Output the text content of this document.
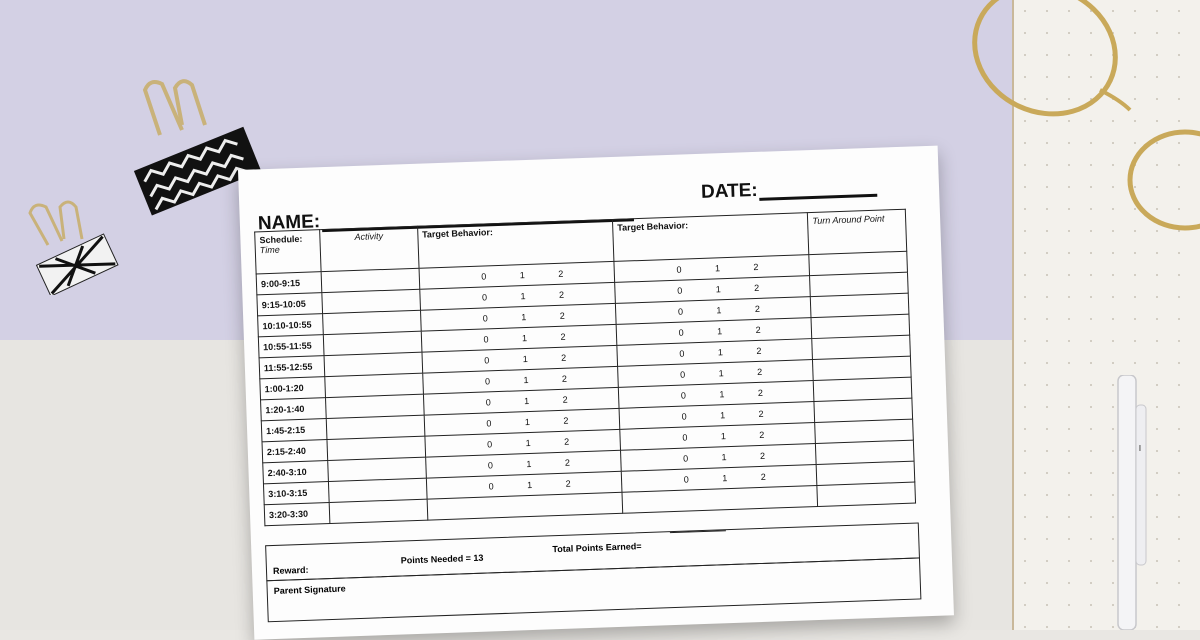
▬
NAME:
DATE:
Schedule:
Time	Activity	Target Behavior:	Target Behavior:	Turn Around Point
9:00-9:15		0 1 2	0 1 2	

9:15-10:05		0 1 2	0 1 2	

10:10-10:55		0 1 2	0 1 2	

10:55-11:55		0 1 2	0 1 2	

11:55-12:55		0 1 2	0 1 2	

1:00-1:20		0 1 2	0 1 2	

1:20-1:40		0 1 2	0 1 2	

1:45-2:15		0 1 2	0 1 2	

2:15-2:40		0 1 2	0 1 2	

2:40-3:10		0 1 2	0 1 2	

3:10-3:15		0 1 2	0 1 2	

3:20-3:30				
Reward:
Points Needed = 13
Total Points Earned=
Parent Signature
